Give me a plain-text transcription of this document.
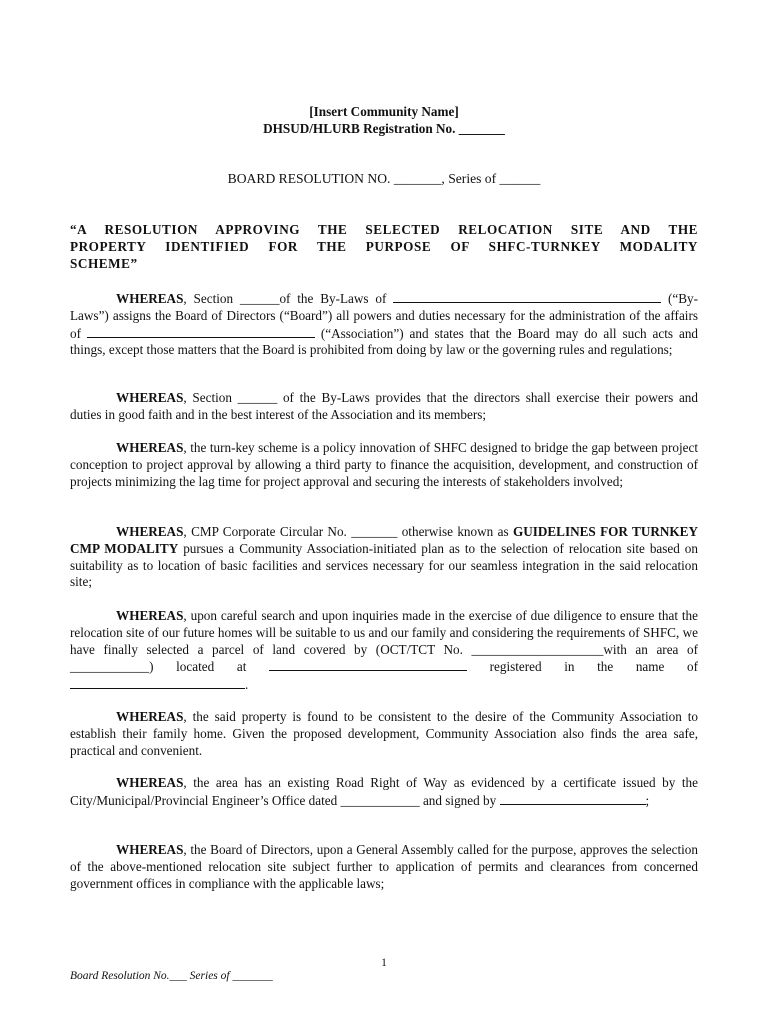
[Insert Community Name]
DHSUD/HLURB Registration No. _______
BOARD RESOLUTION NO. _______, Series of ______
“A RESOLUTION APPROVING THE SELECTED RELOCATION SITE AND THE
PROPERTY IDENTIFIED FOR THE PURPOSE OF SHFC-TURNKEY MODALITY
SCHEME”

WHEREAS, Section ______of the By-Laws of	(“By-Laws”) assigns the Board of Directors (“Board”) all powers and duties necessary for the administration of the affairs of	(“Association”) and states that the Board may do all such acts and things, except those matters that the Board is prohibited from doing by law or the governing rules and regulations;

WHEREAS, Section ______ of the By-Laws provides that the directors shall exercise their powers and duties in good faith and in the best interest of the Association and its members;

WHEREAS, the turn-key scheme is a policy innovation of SHFC designed to bridge the gap between project conception to project approval by allowing a third party to finance the acquisition, development, and construction of projects minimizing the lag time for project approval and securing the interests of stakeholders involved;

WHEREAS, CMP Corporate Circular No. _______ otherwise known as GUIDELINES FOR TURNKEY CMP MODALITY pursues a Community Association-initiated plan as to the selection of relocation site based on suitability as to location of basic facilities and services necessary for our seamless integration in the said relocation site;

WHEREAS, upon careful search and upon inquiries made in the exercise of due diligence to ensure that the relocation site of our future homes will be suitable to us and our family and considering the requirements of SHFC, we have finally selected a parcel of land covered by (OCT/TCT No. ____________________with an area of ____________) located at	registered in the name of .

WHEREAS, the said property is found to be consistent to the desire of the Community Association to establish their family home. Given the proposed development, Community Association also finds the area safe, practical and convenient.

WHEREAS, the area has an existing Road Right of Way as evidenced by a certificate issued by the City/Municipal/Provincial Engineer’s Office dated ____________ and signed by	;

WHEREAS, the Board of Directors, upon a General Assembly called for the purpose, approves the selection of the above-mentioned relocation site subject further to application of permits and clearances from concerned government offices in compliance with the applicable laws;

1
Board Resolution No.___ Series of _______
